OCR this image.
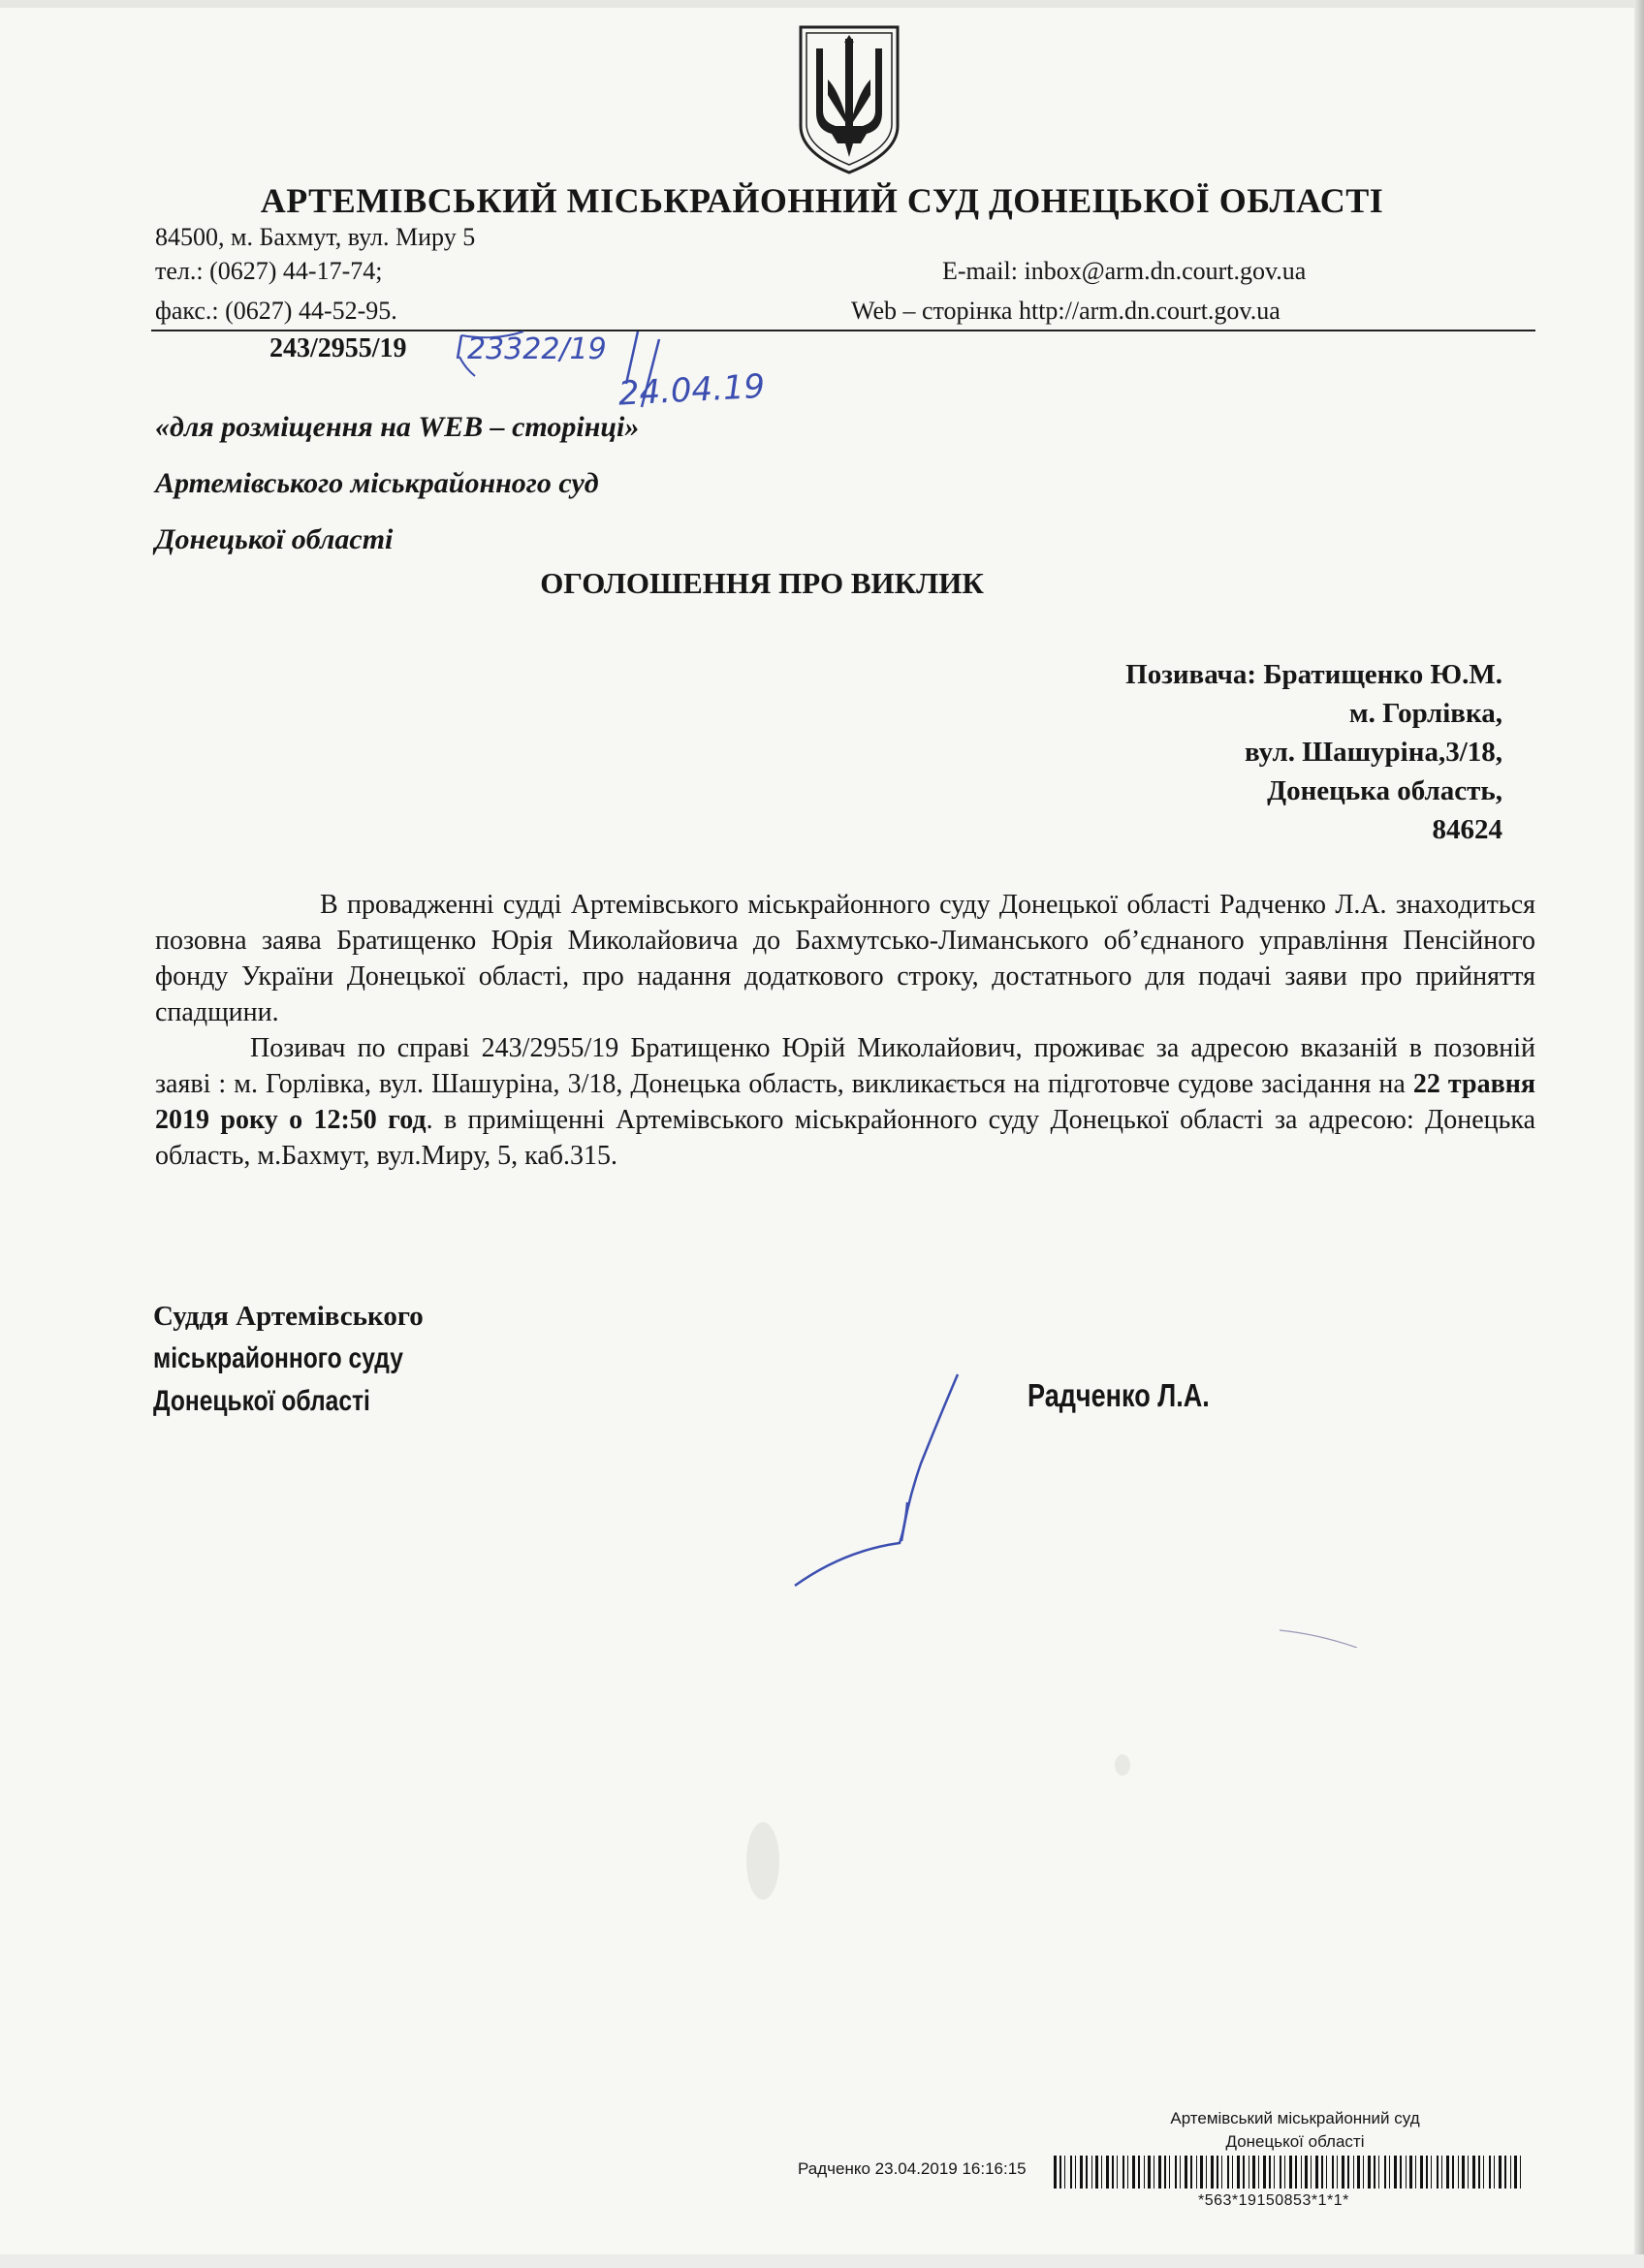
АРТЕМІВСЬКИЙ МІСЬКРАЙОННИЙ СУД ДОНЕЦЬКОЇ ОБЛАСТІ
84500, м. Бахмут, вул. Миру 5
тел.: (0627) 44-17-74;
факс.: (0627) 44-52-95.
E-mail: inbox@arm.dn.court.gov.ua
Web – сторінка http://arm.dn.court.gov.ua
243/2955/19 23322/19
24.04.19
«для розміщення на WEB – сторінці»
Артемівського міськрайонного суд
Донецької області
ОГОЛОШЕННЯ ПРО ВИКЛИК
Позивача: Братищенко Ю.М.
м. Горлівка,
вул. Шашуріна,3/18,
Донецька область,
84624
В провадженні судді Артемівського міськрайонного суду Донецької області Радченко Л.А. знаходиться позовна заява Братищенко Юрія Миколайовича до Бахмутсько-Лиманського об’єднаного управління Пенсійного фонду України Донецької області, про надання додаткового строку, достатнього для подачі заяви про прийняття спадщини.
Позивач по справі 243/2955/19 Братищенко Юрій Миколайович, проживає за адресою вказаній в позовній заяві : м. Горлівка, вул. Шашуріна, 3/18, Донецька область, викликається на підготовче судове засідання на 22 травня 2019 року о 12:50 год. в приміщенні Артемівського міськрайонного суду Донецької області за адресою: Донецька область, м.Бахмут, вул.Миру, 5, каб.315.
Суддя Артемівського
міськрайонного суду
Донецької області	Радченко Л.А.
Артемівський міськрайонний суд
Донецької області
Радченко 23.04.2019 16:16:15
*563*19150853*1*1*
